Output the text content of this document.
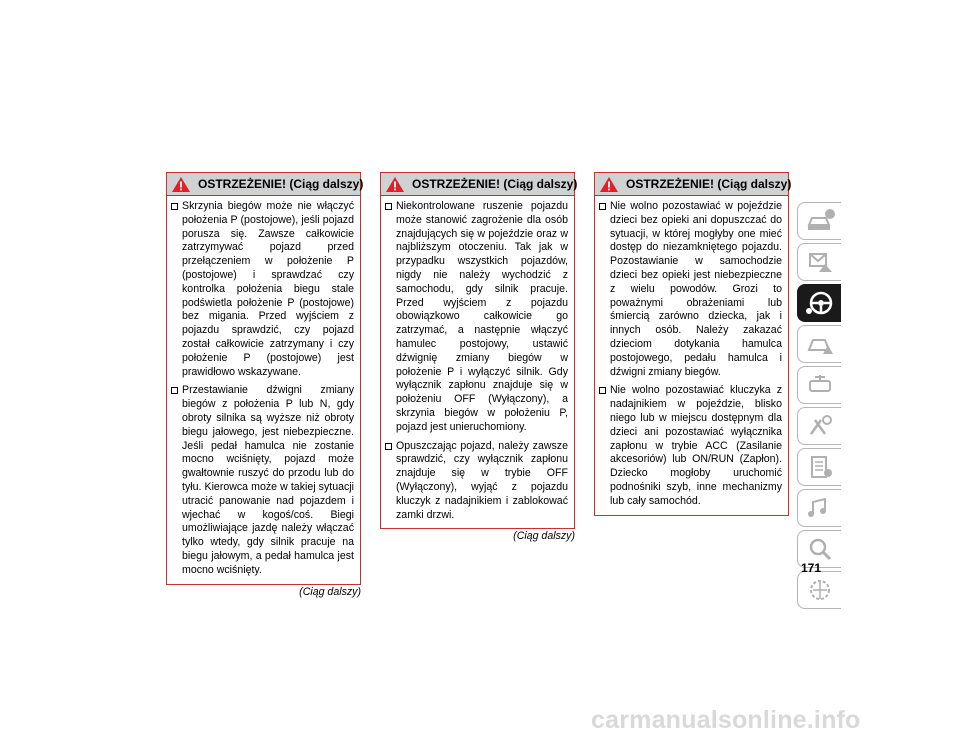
OSTRZEŻENIE! (Ciąg dalszy)
Skrzynia biegów może nie włączyć położenia P (postojowe), jeśli pojazd porusza się. Zawsze całkowicie zatrzymywać pojazd przed przełączeniem w położenie P (postojowe) i sprawdzać czy kontrolka położenia biegu stale podświetla położenie P (postojowe) bez migania. Przed wyjściem z pojazdu sprawdzić, czy pojazd został całkowicie zatrzymany i czy położenie P (postojowe) jest prawidłowo wskazywane.
Przestawianie dźwigni zmiany biegów z położenia P lub N, gdy obroty silnika są wyższe niż obroty biegu jałowego, jest niebezpieczne. Jeśli pedał hamulca nie zostanie mocno wciśnięty, pojazd może gwałtownie ruszyć do przodu lub do tyłu. Kierowca może w takiej sytuacji utracić panowanie nad pojazdem i wjechać w kogoś/coś. Biegi umożliwiające jazdę należy włączać tylko wtedy, gdy silnik pracuje na biegu jałowym, a pedał hamulca jest mocno wciśnięty.
(Ciąg dalszy)
OSTRZEŻENIE! (Ciąg dalszy)
Niekontrolowane ruszenie pojazdu może stanowić zagrożenie dla osób znajdujących się w pojeździe oraz w najbliższym otoczeniu. Tak jak w przypadku wszystkich pojazdów, nigdy nie należy wychodzić z samochodu, gdy silnik pracuje. Przed wyjściem z pojazdu obowiązkowo całkowicie go zatrzymać, a następnie włączyć hamulec postojowy, ustawić dźwignię zmiany biegów w położenie P i wyłączyć silnik. Gdy wyłącznik zapłonu znajduje się w położeniu OFF (Wyłączony), a skrzynia biegów w położeniu P, pojazd jest unieruchomiony.
Opuszczając pojazd, należy zawsze sprawdzić, czy wyłącznik zapłonu znajduje się w trybie OFF (Wyłączony), wyjąć z pojazdu kluczyk z nadajnikiem i zablokować zamki drzwi.
(Ciąg dalszy)
OSTRZEŻENIE! (Ciąg dalszy)
Nie wolno pozostawiać w pojeździe dzieci bez opieki ani dopuszczać do sytuacji, w której mogłyby one mieć dostęp do niezamkniętego pojazdu. Pozostawianie w samochodzie dzieci bez opieki jest niebezpieczne z wielu powodów. Grozi to poważnymi obrażeniami lub śmiercią zarówno dziecka, jak i innych osób. Należy zakazać dzieciom dotykania hamulca postojowego, pedału hamulca i dźwigni zmiany biegów.
Nie wolno pozostawiać kluczyka z nadajnikiem w pojeździe, blisko niego lub w miejscu dostępnym dla dzieci ani pozostawiać wyłącznika zapłonu w trybie ACC (Zasilanie akcesoriów) lub ON/RUN (Zapłon). Dziecko mogłoby uruchomić podnośniki szyb, inne mechanizmy lub cały samochód.
171
carmanualsonline.info
